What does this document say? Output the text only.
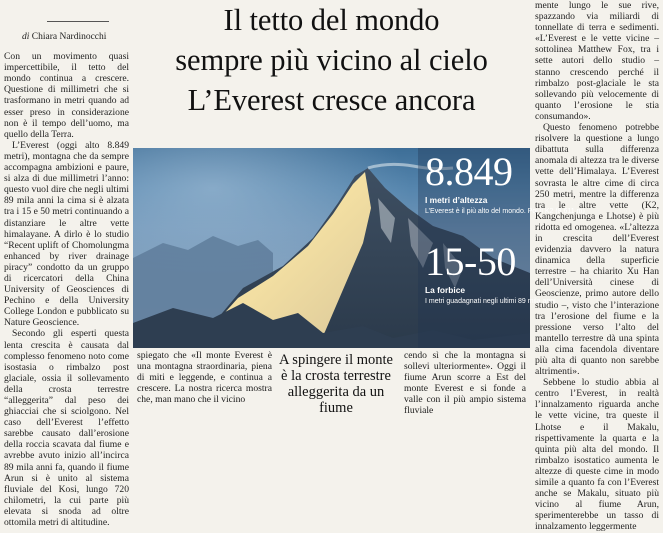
di Chiara Nardinocchi

Con un movimento quasi impercettibile, il tetto del mondo continua a crescere. Questione di millimetri che si trasformano in metri quando ad esser preso in considerazione non è il tempo dell’uomo, ma quello della Terra.

L’Everest (oggi alto 8.849 metri), montagna che da sempre accompagna ambizioni e paure, si alza di due millimetri l’anno: questo vuol dire che negli ultimi 89 mila anni la cima si è alzata tra i 15 e 50 metri continuando a distanziare le altre vette himalayane. A dirlo è lo studio “Recent uplift of Chomolungma enhanced by river drainage piracy” condotto da un gruppo di ricercatori della China University of Geosciences di Pechino e della University College London e pubblicato su Nature Geoscience.

Secondo gli esperti questa lenta crescita è causata dal complesso fenomeno noto come isostasia o rimbalzo post glaciale, ossia il sollevamento della crosta terrestre “alleggerita” dal peso dei ghiacciai che si sciolgono. Nel caso dell’Everest l’effetto sarebbe causato dall’erosione della roccia scavata dal fiume e avrebbe avuto inizio all’incirca 89 mila anni fa, quando il fiume Arun si è unito al sistema fluviale del Kosi, lungo 720 chilometri, la cui parte più elevata si snoda ad oltre ottomila metri di altitudine.

Il tetto del mondo
sempre più vicino al cielo
L’Everest cresce ancora
8.849
I metri d’altezza
L’Everest è il più alto del mondo. Poi il K2 (8.611 m)
15-50
La forbice
I metri guadagnati negli ultimi 89 mila anni
spiegato che «Il monte Everest è una montagna straordinaria, piena di miti e leggende, e continua a crescere. La nostra ricerca mostra che, man mano che il vicino
A spingere il monte è la crosta terrestre alleggerita da un fiume
cendo sì che la montagna si sollevi ulteriormente». Oggi il fiume Arun scorre a Est del monte Everest e si fonde a valle con il più ampio sistema fluviale

mente lungo le sue rive, spazzando via miliardi di tonnellate di terra e sedimenti. «L’Everest e le vette vicine – sottolinea Matthew Fox, tra i sette autori dello studio – stanno crescendo perché il rimbalzo post-glaciale le sta sollevando più velocemente di quanto l’erosione le stia consumando».

Questo fenomeno potrebbe risolvere la questione a lungo dibattuta sulla differenza anomala di altezza tra le diverse vette dell’Himalaya. L’Everest sovrasta le altre cime di circa 250 metri, mentre la differenza tra le altre vette (K2, Kangchenjunga e Lhotse) è più ridotta ed omogenea. «L’altezza in crescita dell’Everest evidenzia davvero la natura dinamica della superficie terrestre – ha chiarito Xu Han dell’Università cinese di Geoscienze, primo autore dello studio –, visto che l’interazione tra l’erosione del fiume e la pressione verso l’alto del mantello terrestre dà una spinta alla cima facendola diventare più alta di quanto non sarebbe altrimenti».

Sebbene lo studio abbia al centro l’Everest, in realtà l’innalzamento riguarda anche le vette vicine, tra queste il Lhotse e il Makalu, rispettivamente la quarta e la quinta più alta del mondo. Il rimbalzo isostatico aumenta le altezze di queste cime in modo simile a quanto fa con l’Everest anche se Makalu, situato più vicino al fiume Arun, sperimenterebbe un tasso di innalzamento leggermente
